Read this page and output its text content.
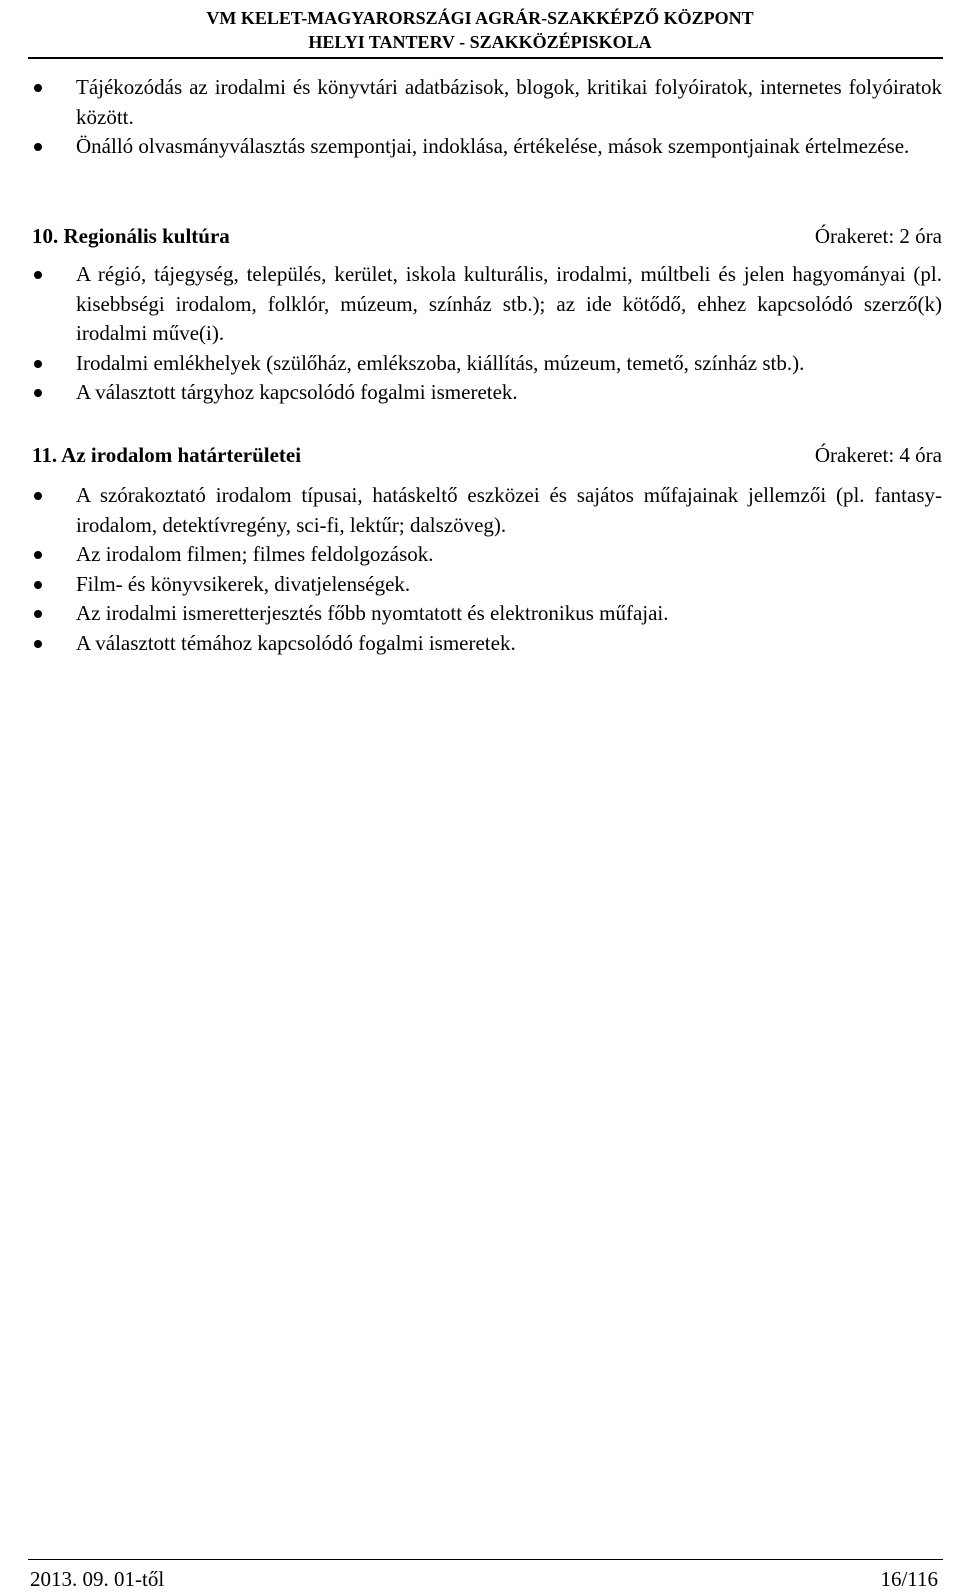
VM KELET-MAGYARORSZÁGI AGRÁR-SZAKKÉPZŐ KÖZPONT
HELYI TANTERV - SZAKKÖZÉPISKOLA
Tájékozódás az irodalmi és könyvtári adatbázisok, blogok, kritikai folyóiratok, internetes folyóiratok között.
Önálló olvasmányválasztás szempontjai, indoklása, értékelése, mások szempontjainak értelmezése.
10. Regionális kultúra	Órakeret: 2 óra
A régió, tájegység, település, kerület, iskola kulturális, irodalmi, múltbeli és jelen hagyományai (pl. kisebbségi irodalom, folklór, múzeum, színház stb.); az ide kötődő, ehhez kapcsolódó szerző(k) irodalmi műve(i).
Irodalmi emlékhelyek (szülőház, emlékszoba, kiállítás, múzeum, temető, színház stb.).
A választott tárgyhoz kapcsolódó fogalmi ismeretek.
11. Az irodalom határterületei	Órakeret: 4 óra
A szórakoztató irodalom típusai, hatáskeltő eszközei és sajátos műfajainak jellemzői (pl. fantasy-irodalom, detektívregény, sci-fi, lektűr; dalszöveg).
Az irodalom filmen; filmes feldolgozások.
Film- és könyvsikerek, divatjelenségek.
Az irodalmi ismeretterjesztés főbb nyomtatott és elektronikus műfajai.
A választott témához kapcsolódó fogalmi ismeretek.
2013. 09. 01-től	16/116
